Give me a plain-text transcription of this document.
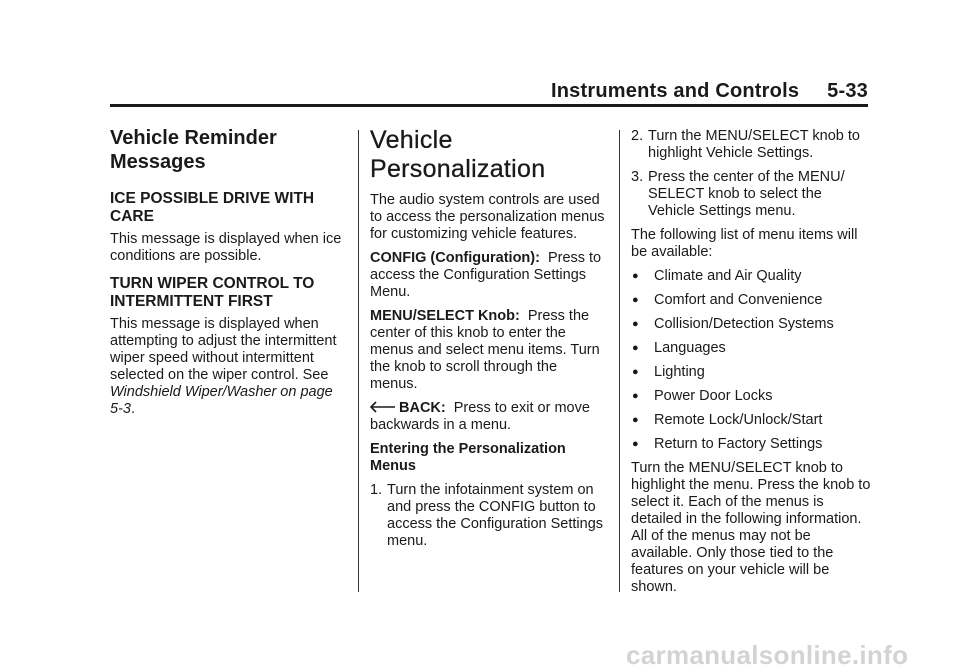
Instruments and Controls 5-33
Vehicle Reminder Messages
ICE POSSIBLE DRIVE WITH CARE

This message is displayed when ice conditions are possible.

TURN WIPER CONTROL TO INTERMITTENT FIRST

This message is displayed when attempting to adjust the intermittent wiper speed without intermittent selected on the wiper control. See Windshield Wiper/Washer on page 5-3.

Vehicle Personalization

The audio system controls are used to access the personalization menus for customizing vehicle features.

CONFIG (Configuration): Press to access the Configuration Settings Menu.

MENU/SELECT Knob: Press the center of this knob to enter the menus and select menu items. Turn the knob to scroll through the menus.

BACK: Press to exit or move backwards in a menu.

Entering the Personalization Menus

1. Turn the infotainment system on and press the CONFIG button to access the Configuration Settings menu.
2. Turn the MENU/SELECT knob to highlight Vehicle Settings.
3. Press the center of the MENU/ SELECT knob to select the Vehicle Settings menu.

The following list of menu items will be available:

●	Climate and Air Quality
●	Comfort and Convenience
●	Collision/Detection Systems
●	Languages
●	Lighting
●	Power Door Locks
●	Remote Lock/Unlock/Start
●	Return to Factory Settings

Turn the MENU/SELECT knob to highlight the menu. Press the knob to select it. Each of the menus is detailed in the following information. All of the menus may not be available. Only those tied to the features on your vehicle will be shown.

carmanualsonline.info
